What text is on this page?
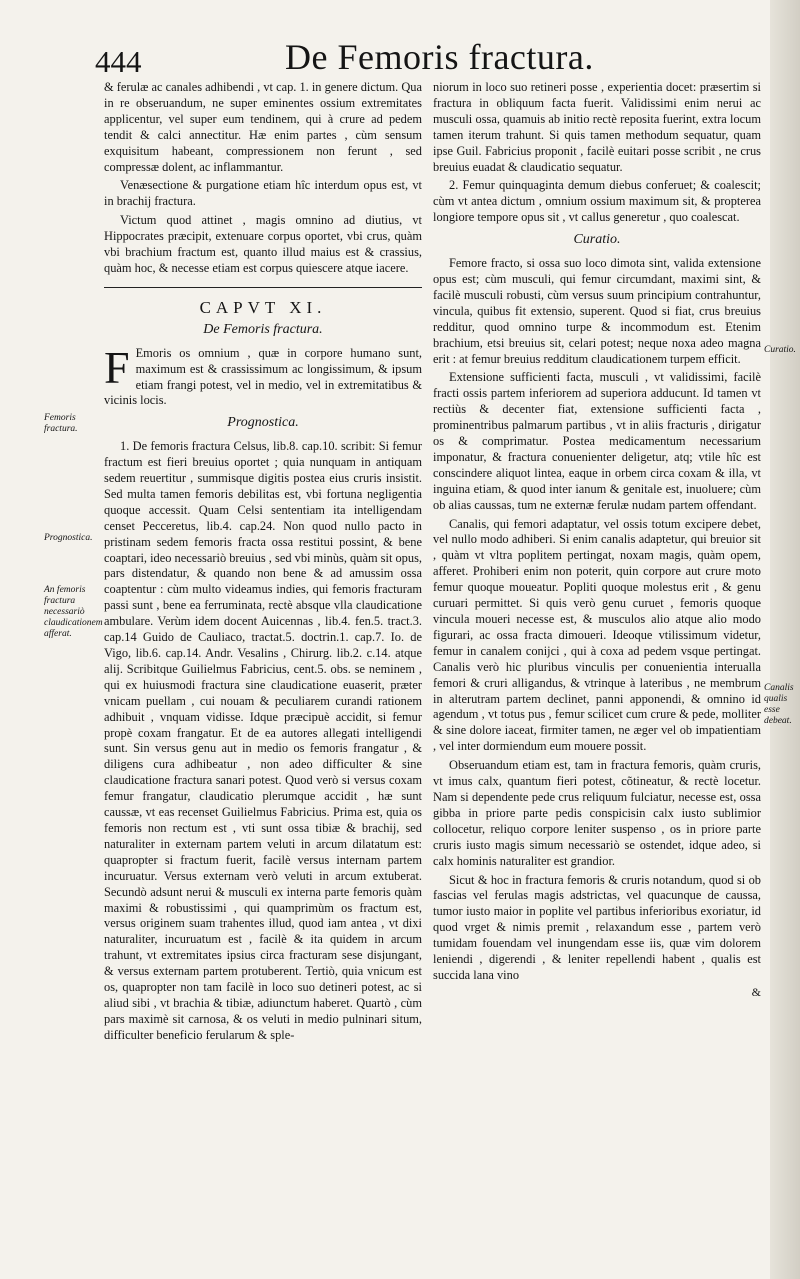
444	De Femoris fractura.

& ferulæ ac canales adhibendi , vt cap. 1. in genere dictum. Qua in re obseruandum, ne super eminentes ossium extremitates applicentur, vel super eum tendinem, qui à crure ad pedem tendit & calci annectitur. Hæ enim partes , cùm sensum exquisitum habeant, compressionem non ferunt , sed compressæ dolent, ac inflammantur.

Venæsectione & purgatione etiam hîc interdum opus est, vt in brachij fractura.

Victum quod attinet , magis omnino ad diutius, vt Hippocrates præcipit, extenuare corpus oportet, vbi crus, quàm vbi brachium fractum est, quanto illud maius est & crassius, quàm hoc, & necesse etiam est corpus quiescere atque iacere.

CAPVT XI.
De Femoris fractura.

F Emoris os omnium , quæ in corpore humano sunt, maximum est & crassissimum ac longissimum, & ipsum etiam frangi potest, vel in medio, vel in extremitatibus & vicinis locis.

Prognostica.

1. De femoris fractura Celsus, lib.8. cap.10. scribit: Si femur fractum est fieri breuius oportet ; quia nunquam in antiquam sedem reuertitur , summisque digitis postea eius cruris insistit. Sed multa tamen femoris debilitas est, vbi fortuna negligentia quoque accessit. Quam Celsi sententiam ita intelligendam censet Pecceretus, lib.4. cap.24. Non quod nullo pacto in pristinam sedem femoris fracta ossa restitui possint, & bene coaptari, ideo necessariò breuius , sed vbi minùs, quàm sit opus, pars distendatur, & quando non bene & ad amussim ossa coaptentur : cùm multo videamus indies, qui femoris fracturam passi sunt , bene ea ferruminata, rectè absque vlla claudicatione ambulare. Verùm idem docent Auicennas , lib.4. fen.5. tract.3. cap.14 Guido de Cauliaco, tractat.5. doctrin.1. cap.7. Io. de Vigo, lib.6. cap.14. Andr. Vesalins , Chirurg. lib.2. c.14. atque alij. Scribitque Guilielmus Fabricius, cent.5. obs. se neminem , qui ex huiusmodi fractura sine claudicatione euaserit, præter vnicam puellam , cui nouam & peculiarem curandi rationem adhibuit , vnquam vidisse. Idque præcipuè accidit, si femur propè coxam frangatur. Et de ea autores allegati intelligendi sunt. Sin versus genu aut in medio os femoris frangatur , & diligens cura adhibeatur , non adeo difficulter & sine claudicatione fractura sanari potest. Quod verò si versus coxam femur frangatur, claudicatio plerumque accidit , hæ sunt caussæ, vt eas recenset Guilielmus Fabricius. Prima est, quia os femoris non rectum est , vti sunt ossa tibiæ & brachij, sed naturaliter in externam partem veluti in arcum dilatatum est: quapropter si fractum fuerit, facilè versus internam partem incuruatur. Versus externam verò veluti in arcum extuberat. Secundò adsunt nerui & musculi ex interna parte femoris quàm maximi & robustissimi , qui quamprimùm os fractum est, versus originem suam trahentes illud, quod iam antea , vt dixi naturaliter, incuruatum est , facilè & ita quidem in arcum trahunt, vt extremitates ipsius circa fracturam sese disjungant, & versus externam partem protuberent. Tertiò, quia vnicum est os, quapropter non tam facilè in loco suo detineri potest, ac si aliud sibi , vt brachia & tibiæ, adiunctum haberet. Quartò , cùm pars maximè sit carnosa, & os veluti in medio pulninari situm, difficulter beneficio ferularum & sple-

niorum in loco suo retineri posse , experientia docet: præsertim si fractura in obliquum facta fuerit. Validissimi enim nerui ac musculi ossa, quamuis ab initio rectè reposita fuerint, extra locum tamen iterum trahunt. Si quis tamen methodum sequatur, quam ipse Guil. Fabricius proponit , facilè euitari posse scribit , ne crus breuius euadat & claudicatio sequatur.

2. Femur quinquaginta demum diebus conferuet; & coalescit; cùm vt antea dictum , omnium ossium maximum sit, & propterea longiore tempore opus sit , vt callus generetur , quo coalescat.

Curatio.

Femore fracto, si ossa suo loco dimota sint, valida extensione opus est; cùm musculi, qui femur circumdant, maximi sint, & facilè musculi robusti, cùm versus suum principium contrahuntur, vincula, quibus fit extensio, superent. Quod si fiat, crus breuius redditur, quod omnino turpe & incommodum est. Etenim brachium, etsi breuius sit, celari potest; neque noxa adeo magna erit : at femur breuius redditum claudicationem turpem efficit.

Extensione sufficienti facta, musculi , vt validissimi, facilè fracti ossis partem inferiorem ad superiora adducunt. Id tamen vt rectiùs & decenter fiat, extensione sufficienti facta , prominentribus palmarum partibus , vt in aliis fracturis , dirigatur os & comprimatur. Postea medicamentum necessarium imponatur, & fractura conuenienter deligetur, atq; vtile hîc est conscindere aliquot lintea, eaque in orbem circa coxam & illa, vt inguina etiam, & quod inter ianum & genitale est, inuoluere; cùm ob alias caussas, tum ne externæ ferulæ nudam partem offendant.

Canalis, qui femori adaptatur, vel ossis totum excipere debet, vel nullo modo adhiberi. Si enim canalis adaptetur, qui breuior sit , quàm vt vltra poplitem pertingat, noxam magis, quàm opem, afferet. Prohiberi enim non poterit, quin corpore aut crure moto femur quoque moueatur. Popliti quoque molestus erit , & genu curuari permittet. Si quis verò genu curuet , femoris quoque vincula moueri necesse est, & musculos alio atque alio modo figurari, ac ossa fracta dimoueri. Ideoque vtilissimum videtur, femur in canalem conijci , qui à coxa ad pedem vsque pertingat. Canalis verò hic pluribus vinculis per conuenientia interualla femori & cruri alligandus, & vtrinque à lateribus , ne membrum in alterutram partem declinet, panni apponendi, & omnino id agendum , vt totus pus , femur scilicet cum crure & pede, molliter & sine dolore iaceat, firmiter tamen, ne æger vel ob impatientiam , vel inter dormiendum eum mouere possit.

Obseruandum etiam est, tam in fractura femoris, quàm cruris, vt imus calx, quantum fieri potest, cõtineatur, & rectè locetur. Nam si dependente pede crus reliquum fulciatur, necesse est, ossa gibba in priore parte pedis conspicisin calx iusto sublimior collocetur, reliquo corpore leniter suspenso , os in priore parte cruris iusto magis simum necessariò se ostendet, idque adeo, si calx hominis naturaliter est grandior.

Sicut & hoc in fractura femoris & cruris notandum, quod si ob fascias vel ferulas magis adstrictas, vel quacunque de caussa, tumor iusto maior in poplite vel partibus inferioribus exoriatur, id quod vrget & nimis premit , relaxandum esse , partem verò tumidam fouendam vel inungendam esse iis, quæ vim dolorem leniendi , digerendi , & leniter repellendi habent , qualis est succida lana vino

&
Femoris fractura.
Prognostica.
An femoris fractura necessariò claudicationem afferat.
Curatio.
Canalis qualis esse debeat.
